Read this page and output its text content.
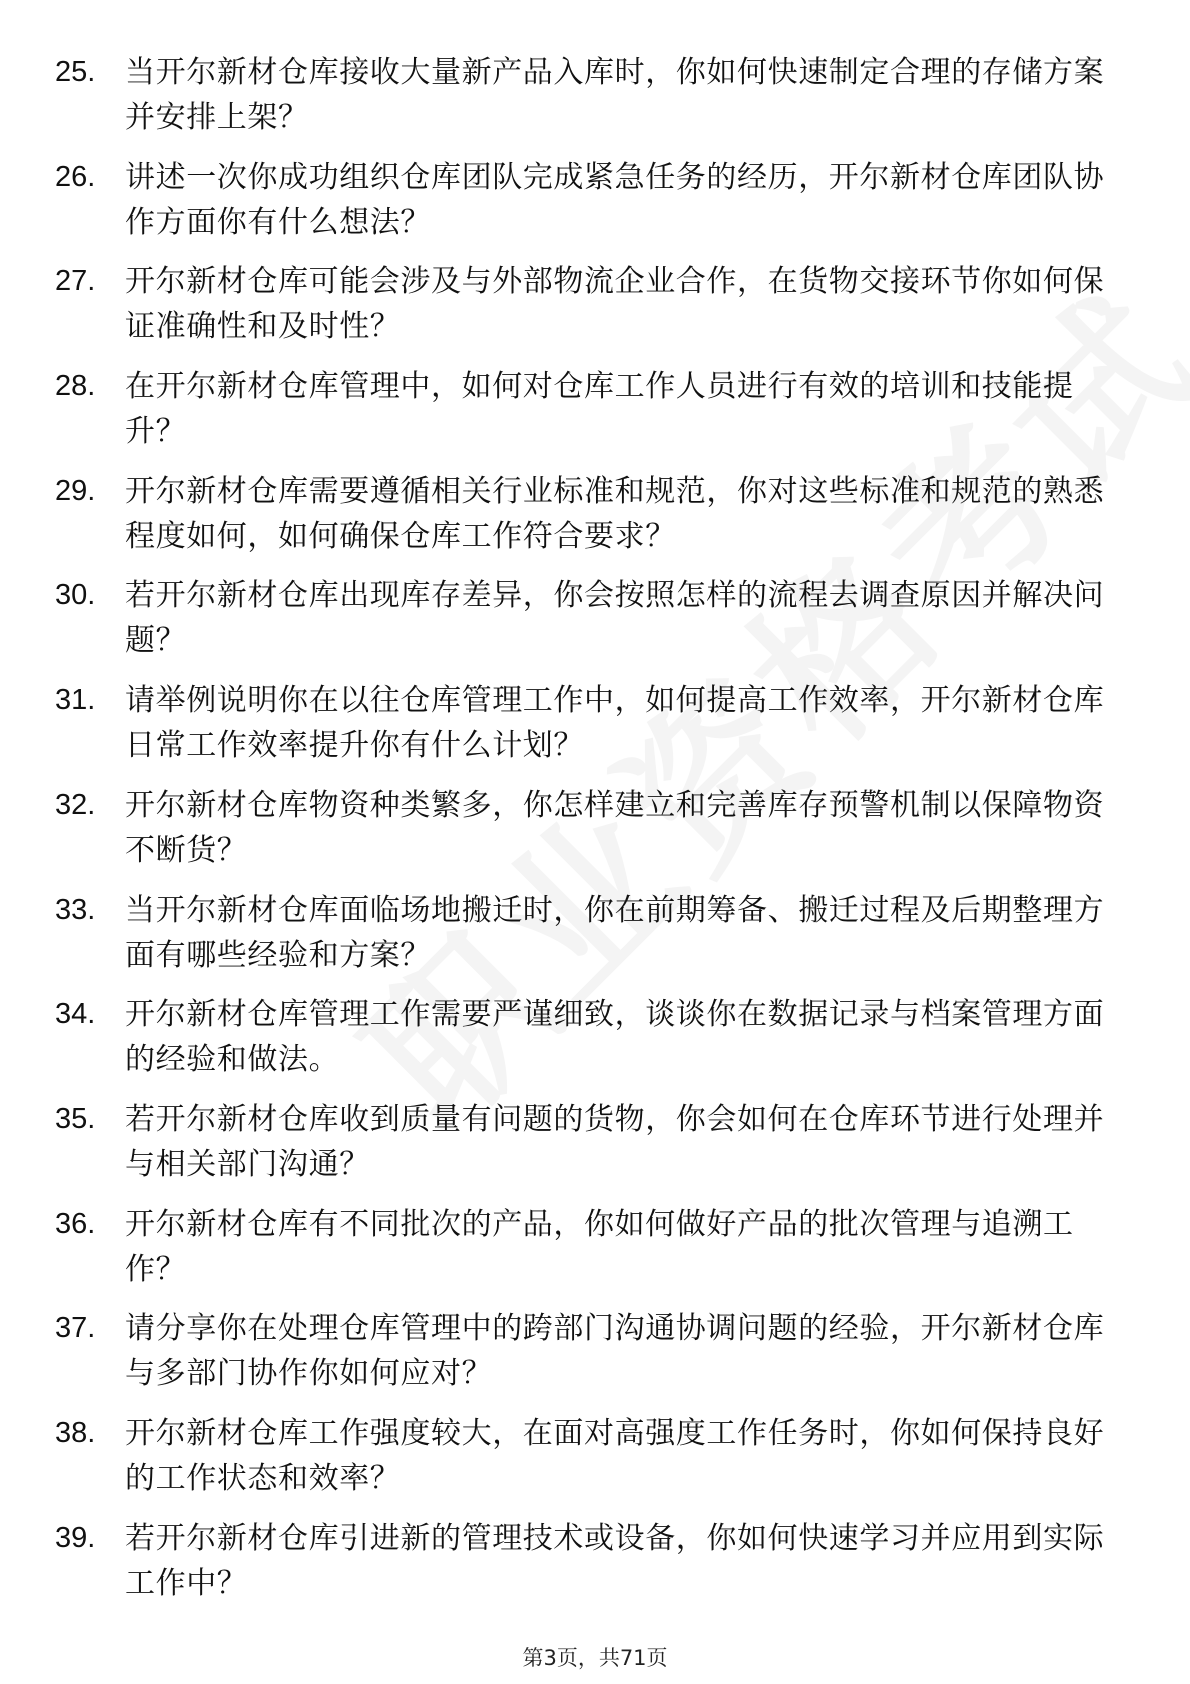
25. 当开尔新材仓库接收大量新产品入库时，你如何快速制定合理的存储方案并安排上架？
26. 讲述一次你成功组织仓库团队完成紧急任务的经历，开尔新材仓库团队协作方面你有什么想法？
27. 开尔新材仓库可能会涉及与外部物流企业合作，在货物交接环节你如何保证准确性和及时性？
28. 在开尔新材仓库管理中，如何对仓库工作人员进行有效的培训和技能提升？
29. 开尔新材仓库需要遵循相关行业标准和规范，你对这些标准和规范的熟悉程度如何，如何确保仓库工作符合要求？
30. 若开尔新材仓库出现库存差异，你会按照怎样的流程去调查原因并解决问题？
31. 请举例说明你在以往仓库管理工作中，如何提高工作效率，开尔新材仓库日常工作效率提升你有什么计划？
32. 开尔新材仓库物资种类繁多，你怎样建立和完善库存预警机制以保障物资不断货？
33. 当开尔新材仓库面临场地搬迁时，你在前期筹备、搬迁过程及后期整理方面有哪些经验和方案？
34. 开尔新材仓库管理工作需要严谨细致，谈谈你在数据记录与档案管理方面的经验和做法。
35. 若开尔新材仓库收到质量有问题的货物，你会如何在仓库环节进行处理并与相关部门沟通？
36. 开尔新材仓库有不同批次的产品，你如何做好产品的批次管理与追溯工作？
37. 请分享你在处理仓库管理中的跨部门沟通协调问题的经验，开尔新材仓库与多部门协作你如何应对？
38. 开尔新材仓库工作强度较大，在面对高强度工作任务时，你如何保持良好的工作状态和效率？
39. 若开尔新材仓库引进新的管理技术或设备，你如何快速学习并应用到实际工作中？
第3页，共71页
